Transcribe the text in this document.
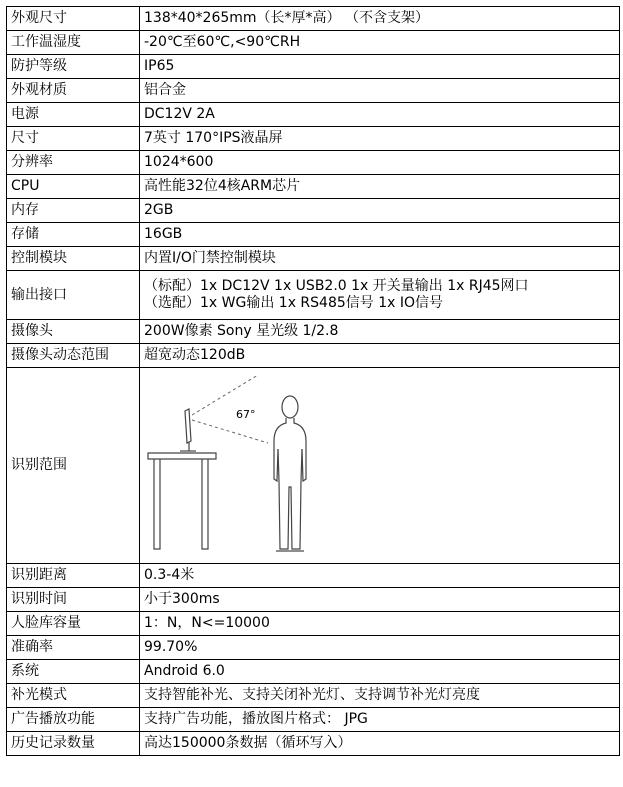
外观尺寸	138*40*265mm（长*厚*高） （不含支架）
工作温湿度	-20℃至60℃,<90℃RH
防护等级	IP65
外观材质	铝合金
电源	DC12V 2A
尺寸	7英寸 170°IPS液晶屏
分辨率	1024*600
CPU	高性能32位4核ARM芯片
内存	2GB
存储	16GB
控制模块	内置I/O门禁控制模块
输出接口	（标配）1x DC12V 1x USB2.0 1x 开关量输出 1x RJ45网口
（选配）1x WG输出 1x RS485信号 1x IO信号

摄像头	200W像素 Sony 星光级 1/2.8
摄像头动态范围	超宽动态120dB
识别范围	67°

识别距离	0.3-4米
识别时间	小于300ms
人脸库容量	1：N，N<=10000
准确率	99.70%
系统	Android 6.0
补光模式	支持智能补光、支持关闭补光灯、支持调节补光灯亮度
广告播放功能	支持广告功能，播放图片格式： JPG
历史记录数量	高达150000条数据（循环写入）
